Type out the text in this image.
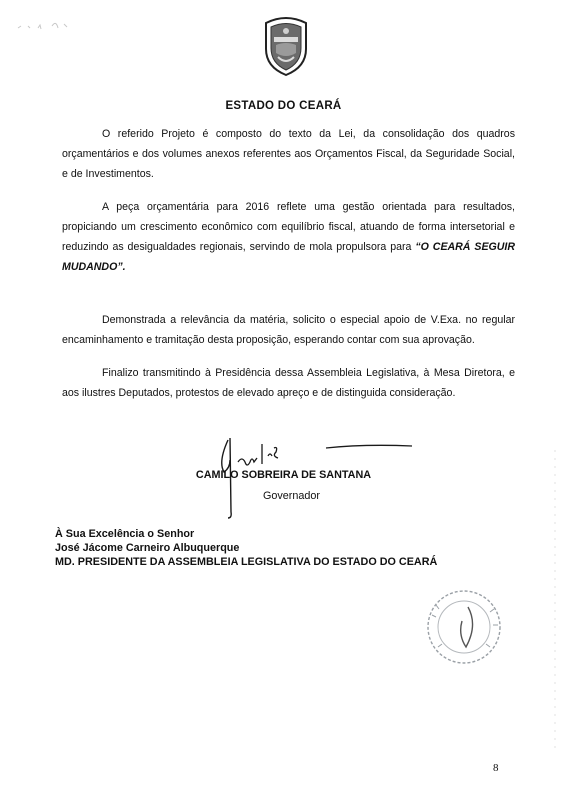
ESTADO DO CEARÁ
O referido Projeto é composto do texto da Lei, da consolidação dos quadros orçamentários e dos volumes anexos referentes aos Orçamentos Fiscal, da Seguridade Social, e de Investimentos.
A peça orçamentária para 2016 reflete uma gestão orientada para resultados, propiciando um crescimento econômico com equilíbrio fiscal, atuando de forma intersetorial e reduzindo as desigualdades regionais, servindo de mola propulsora para “O CEARÁ SEGUIR MUDANDO”.
Demonstrada a relevância da matéria, solicito o especial apoio de V.Exa. no regular encaminhamento e tramitação desta proposição, esperando contar com sua aprovação.
Finalizo transmitindo à Presidência dessa Assembleia Legislativa, à Mesa Diretora, e aos ilustres Deputados, protestos de elevado apreço e de distinguida consideração.
CAMILO SOBREIRA DE SANTANA
Governador
À Sua Excelência o Senhor
José Jácome Carneiro Albuquerque
MD. PRESIDENTE DA ASSEMBLEIA LEGISLATIVA DO ESTADO DO CEARÁ
8
